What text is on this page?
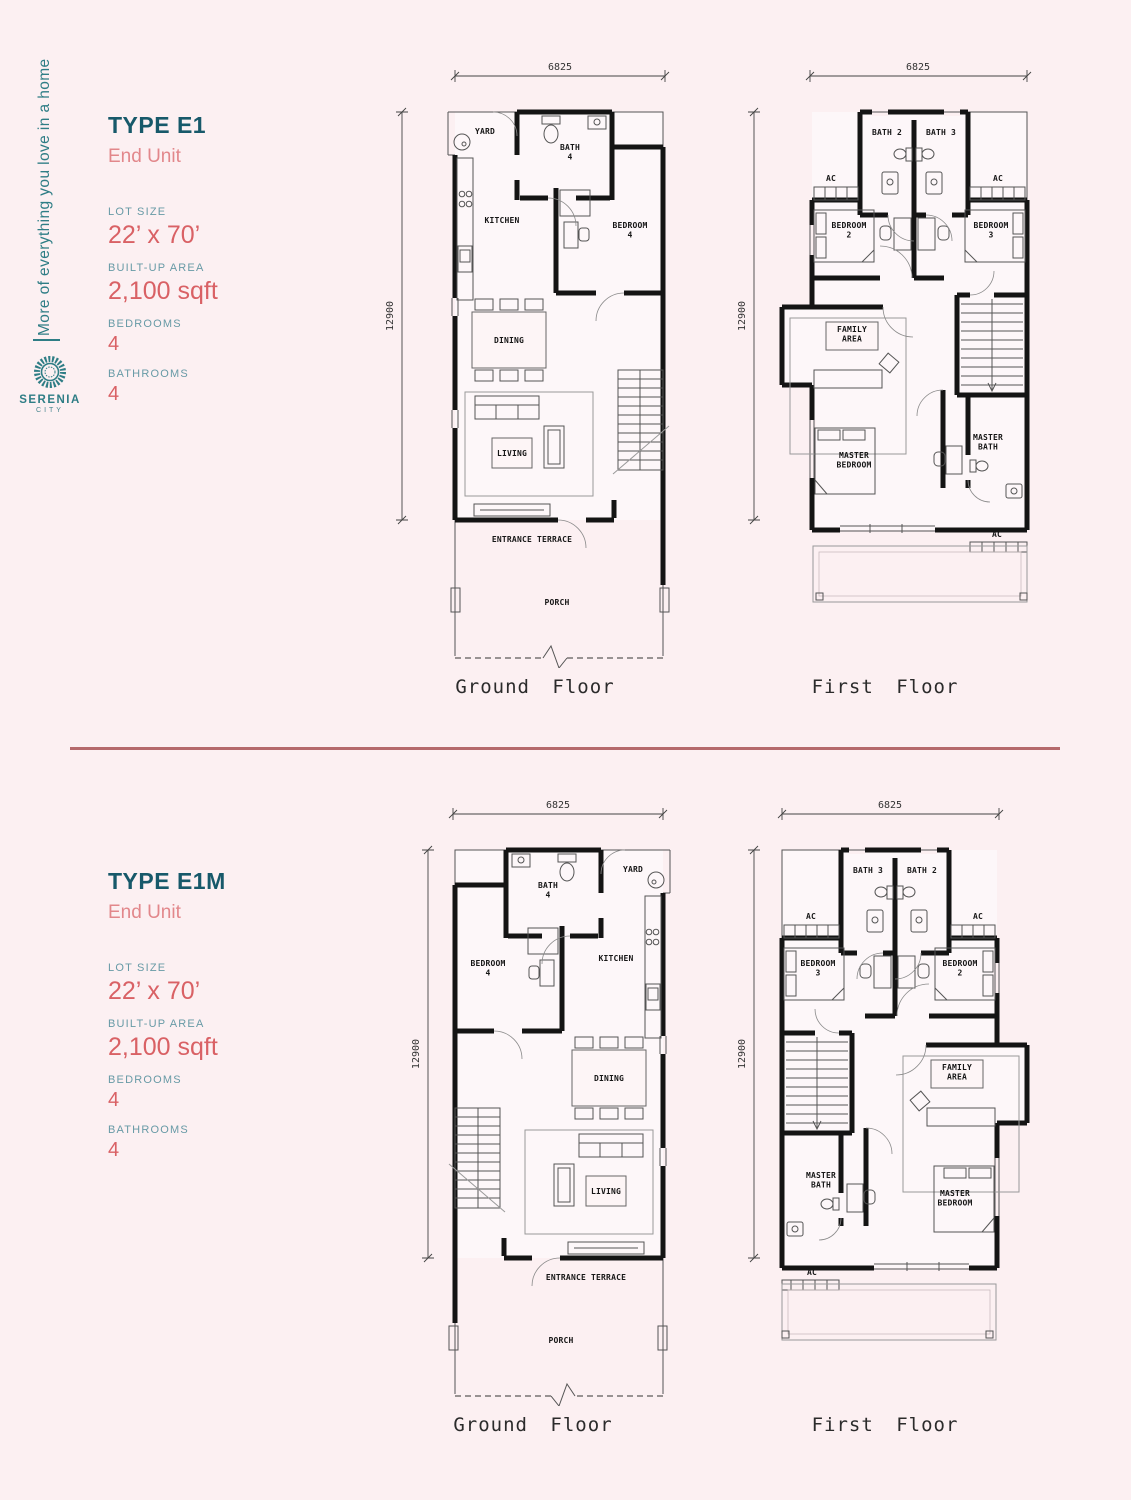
More of everything you love in a home
SERENIA
CITY
TYPE E1
End Unit
LOT SIZE
22’ x 70’
BUILT-UP AREA
2,100 sqft
BEDROOMS
4
BATHROOMS
4
6825
12900
YARD
BATH 4
KITCHEN
BEDROOM 4
DINING
LIVING
ENTRANCE TERRACE
PORCH
Ground Floor
6825
12900
BATH 2	BATH 3
AC	AC
BEDROOM 2
BEDROOM 3
FAMILY AREA
MASTER BEDROOM
MASTER BATH
AC
First Floor
TYPE E1M
End Unit
LOT SIZE
22’ x 70’
BUILT-UP AREA
2,100 sqft
BEDROOMS
4
BATHROOMS
4
6825
12900
YARD
BATH 4
KITCHEN
BEDROOM 4
DINING
LIVING
ENTRANCE TERRACE
PORCH
Ground Floor
6825
12900
BATH 3	BATH 2
AC	AC
BEDROOM 3
BEDROOM 2
FAMILY AREA
MASTER BEDROOM
MASTER BATH
AC
First Floor
